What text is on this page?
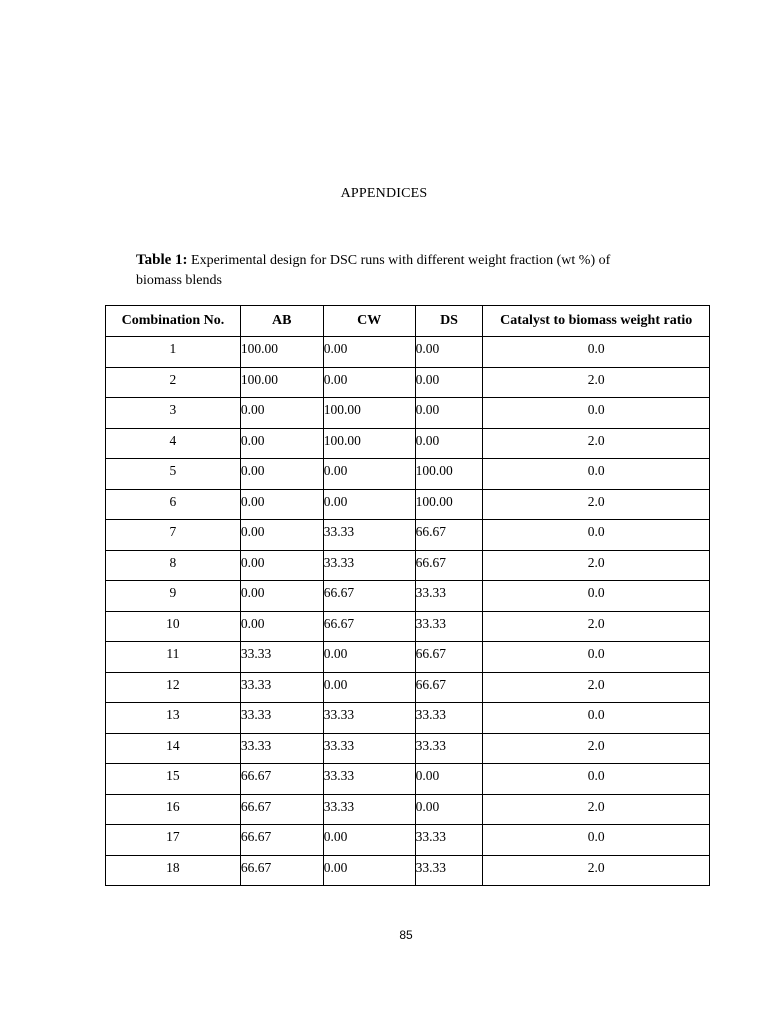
APPENDICES
Table 1: Experimental design for DSC runs with different weight fraction (wt %) of biomass blends
Combination No.	AB	CW	DS	Catalyst to biomass weight ratio
1	100.00	0.00	0.00	0.0
2	100.00	0.00	0.00	2.0
3	0.00	100.00	0.00	0.0
4	0.00	100.00	0.00	2.0
5	0.00	0.00	100.00	0.0
6	0.00	0.00	100.00	2.0
7	0.00	33.33	66.67	0.0
8	0.00	33.33	66.67	2.0
9	0.00	66.67	33.33	0.0
10	0.00	66.67	33.33	2.0
11	33.33	0.00	66.67	0.0
12	33.33	0.00	66.67	2.0
13	33.33	33.33	33.33	0.0
14	33.33	33.33	33.33	2.0
15	66.67	33.33	0.00	0.0
16	66.67	33.33	0.00	2.0
17	66.67	0.00	33.33	0.0
18	66.67	0.00	33.33	2.0
85
